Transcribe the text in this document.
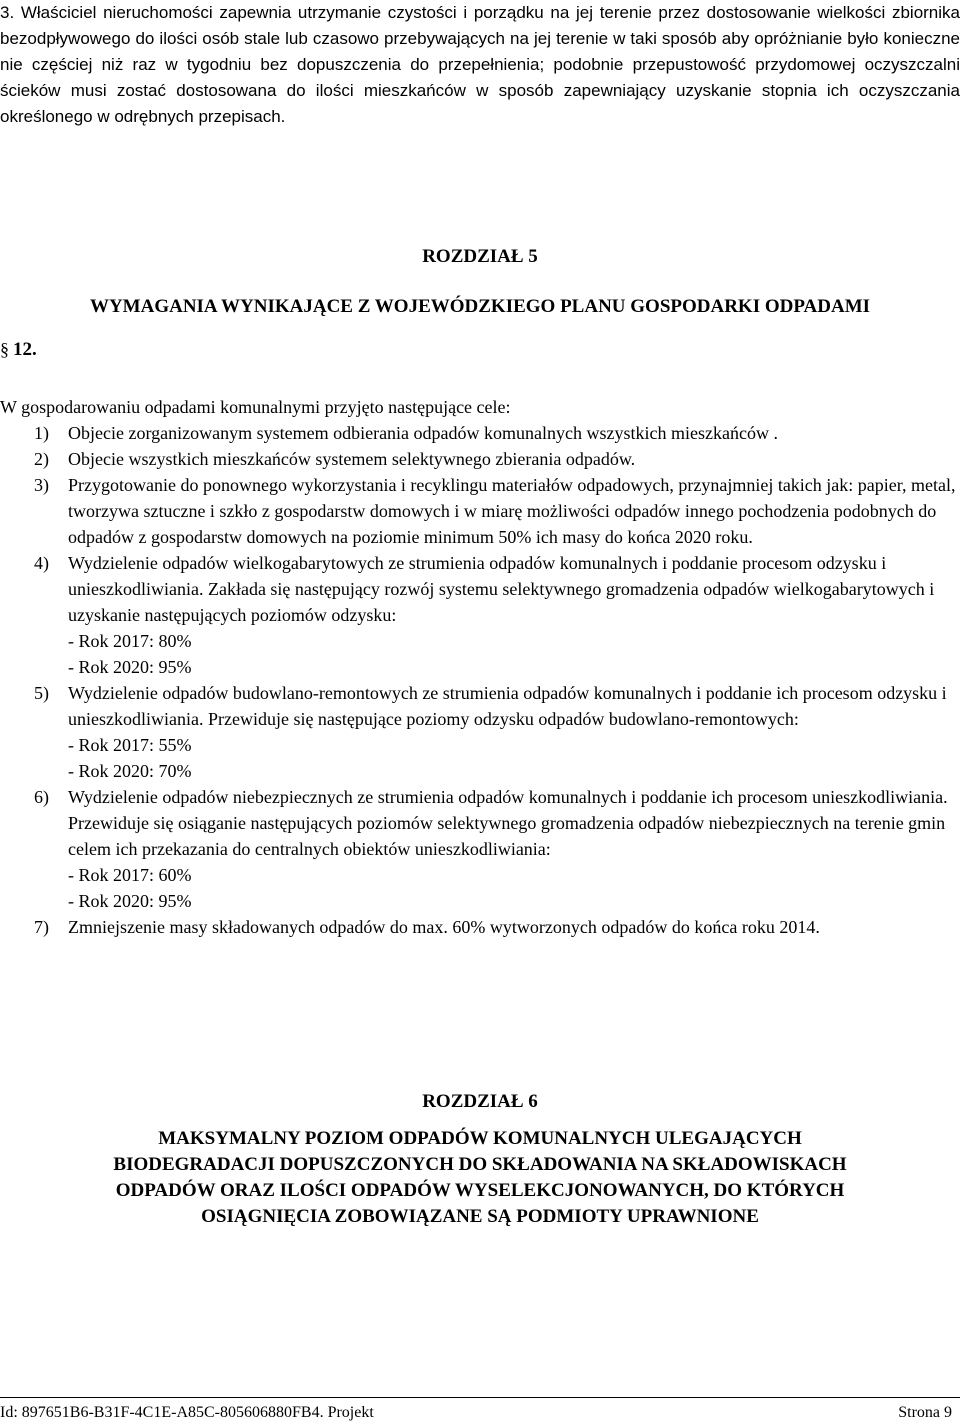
3. Właściciel nieruchomości zapewnia utrzymanie czystości i porządku na jej terenie przez dostosowanie wielkości zbiornika bezodpływowego do ilości osób stale lub czasowo przebywających na jej terenie w taki sposób aby opróżnianie było konieczne nie częściej niż raz w tygodniu bez dopuszczenia do przepełnienia; podobnie przepustowość przydomowej oczyszczalni ścieków musi zostać dostosowana do ilości mieszkańców w sposób zapewniający uzyskanie stopnia ich oczyszczania określonego w odrębnych przepisach.

ROZDZIAŁ 5

WYMAGANIA WYNIKAJĄCE Z WOJEWÓDZKIEGO PLANU GOSPODARKI ODPADAMI

§ 12.
W gospodarowaniu odpadami komunalnymi przyjęto następujące cele:
1) Objecie zorganizowanym systemem odbierania odpadów komunalnych wszystkich mieszkańców .
2) Objecie wszystkich mieszkańców systemem selektywnego zbierania odpadów.
3) Przygotowanie do ponownego wykorzystania i recyklingu materiałów odpadowych, przynajmniej takich jak: papier, metal, tworzywa sztuczne i szkło z gospodarstw domowych i w miarę możliwości odpadów innego pochodzenia podobnych do odpadów z gospodarstw domowych na poziomie minimum 50% ich masy do końca 2020 roku.
4) Wydzielenie odpadów wielkogabarytowych ze strumienia odpadów komunalnych i poddanie procesom odzysku i unieszkodliwiania. Zakłada się następujący rozwój systemu selektywnego gromadzenia odpadów wielkogabarytowych i uzyskanie następujących poziomów odzysku:
- Rok 2017: 80%
- Rok 2020: 95%
5) Wydzielenie odpadów budowlano-remontowych ze strumienia odpadów komunalnych i poddanie ich procesom odzysku i unieszkodliwiania. Przewiduje się następujące poziomy odzysku odpadów budowlano-remontowych:
- Rok 2017: 55%
- Rok 2020: 70%
6) Wydzielenie odpadów niebezpiecznych ze strumienia odpadów komunalnych i poddanie ich procesom unieszkodliwiania. Przewiduje się osiąganie następujących poziomów selektywnego gromadzenia odpadów niebezpiecznych na terenie gmin celem ich przekazania do centralnych obiektów unieszkodliwiania:
- Rok 2017: 60%
- Rok 2020: 95%
7) Zmniejszenie masy składowanych odpadów do max. 60% wytworzonych odpadów do końca roku 2014.

ROZDZIAŁ 6

MAKSYMALNY POZIOM ODPADÓW KOMUNALNYCH ULEGAJĄCYCH
BIODEGRADACJI DOPUSZCZONYCH DO SKŁADOWANIA NA SKŁADOWISKACH
ODPADÓW ORAZ ILOŚCI ODPADÓW WYSELEKCJONOWANYCH, DO KTÓRYCH
OSIĄGNIĘCIA ZOBOWIĄZANE SĄ PODMIOTY UPRAWNIONE
Id: 897651B6-B31F-4C1E-A85C-805606880FB4. Projekt	Strona 9
